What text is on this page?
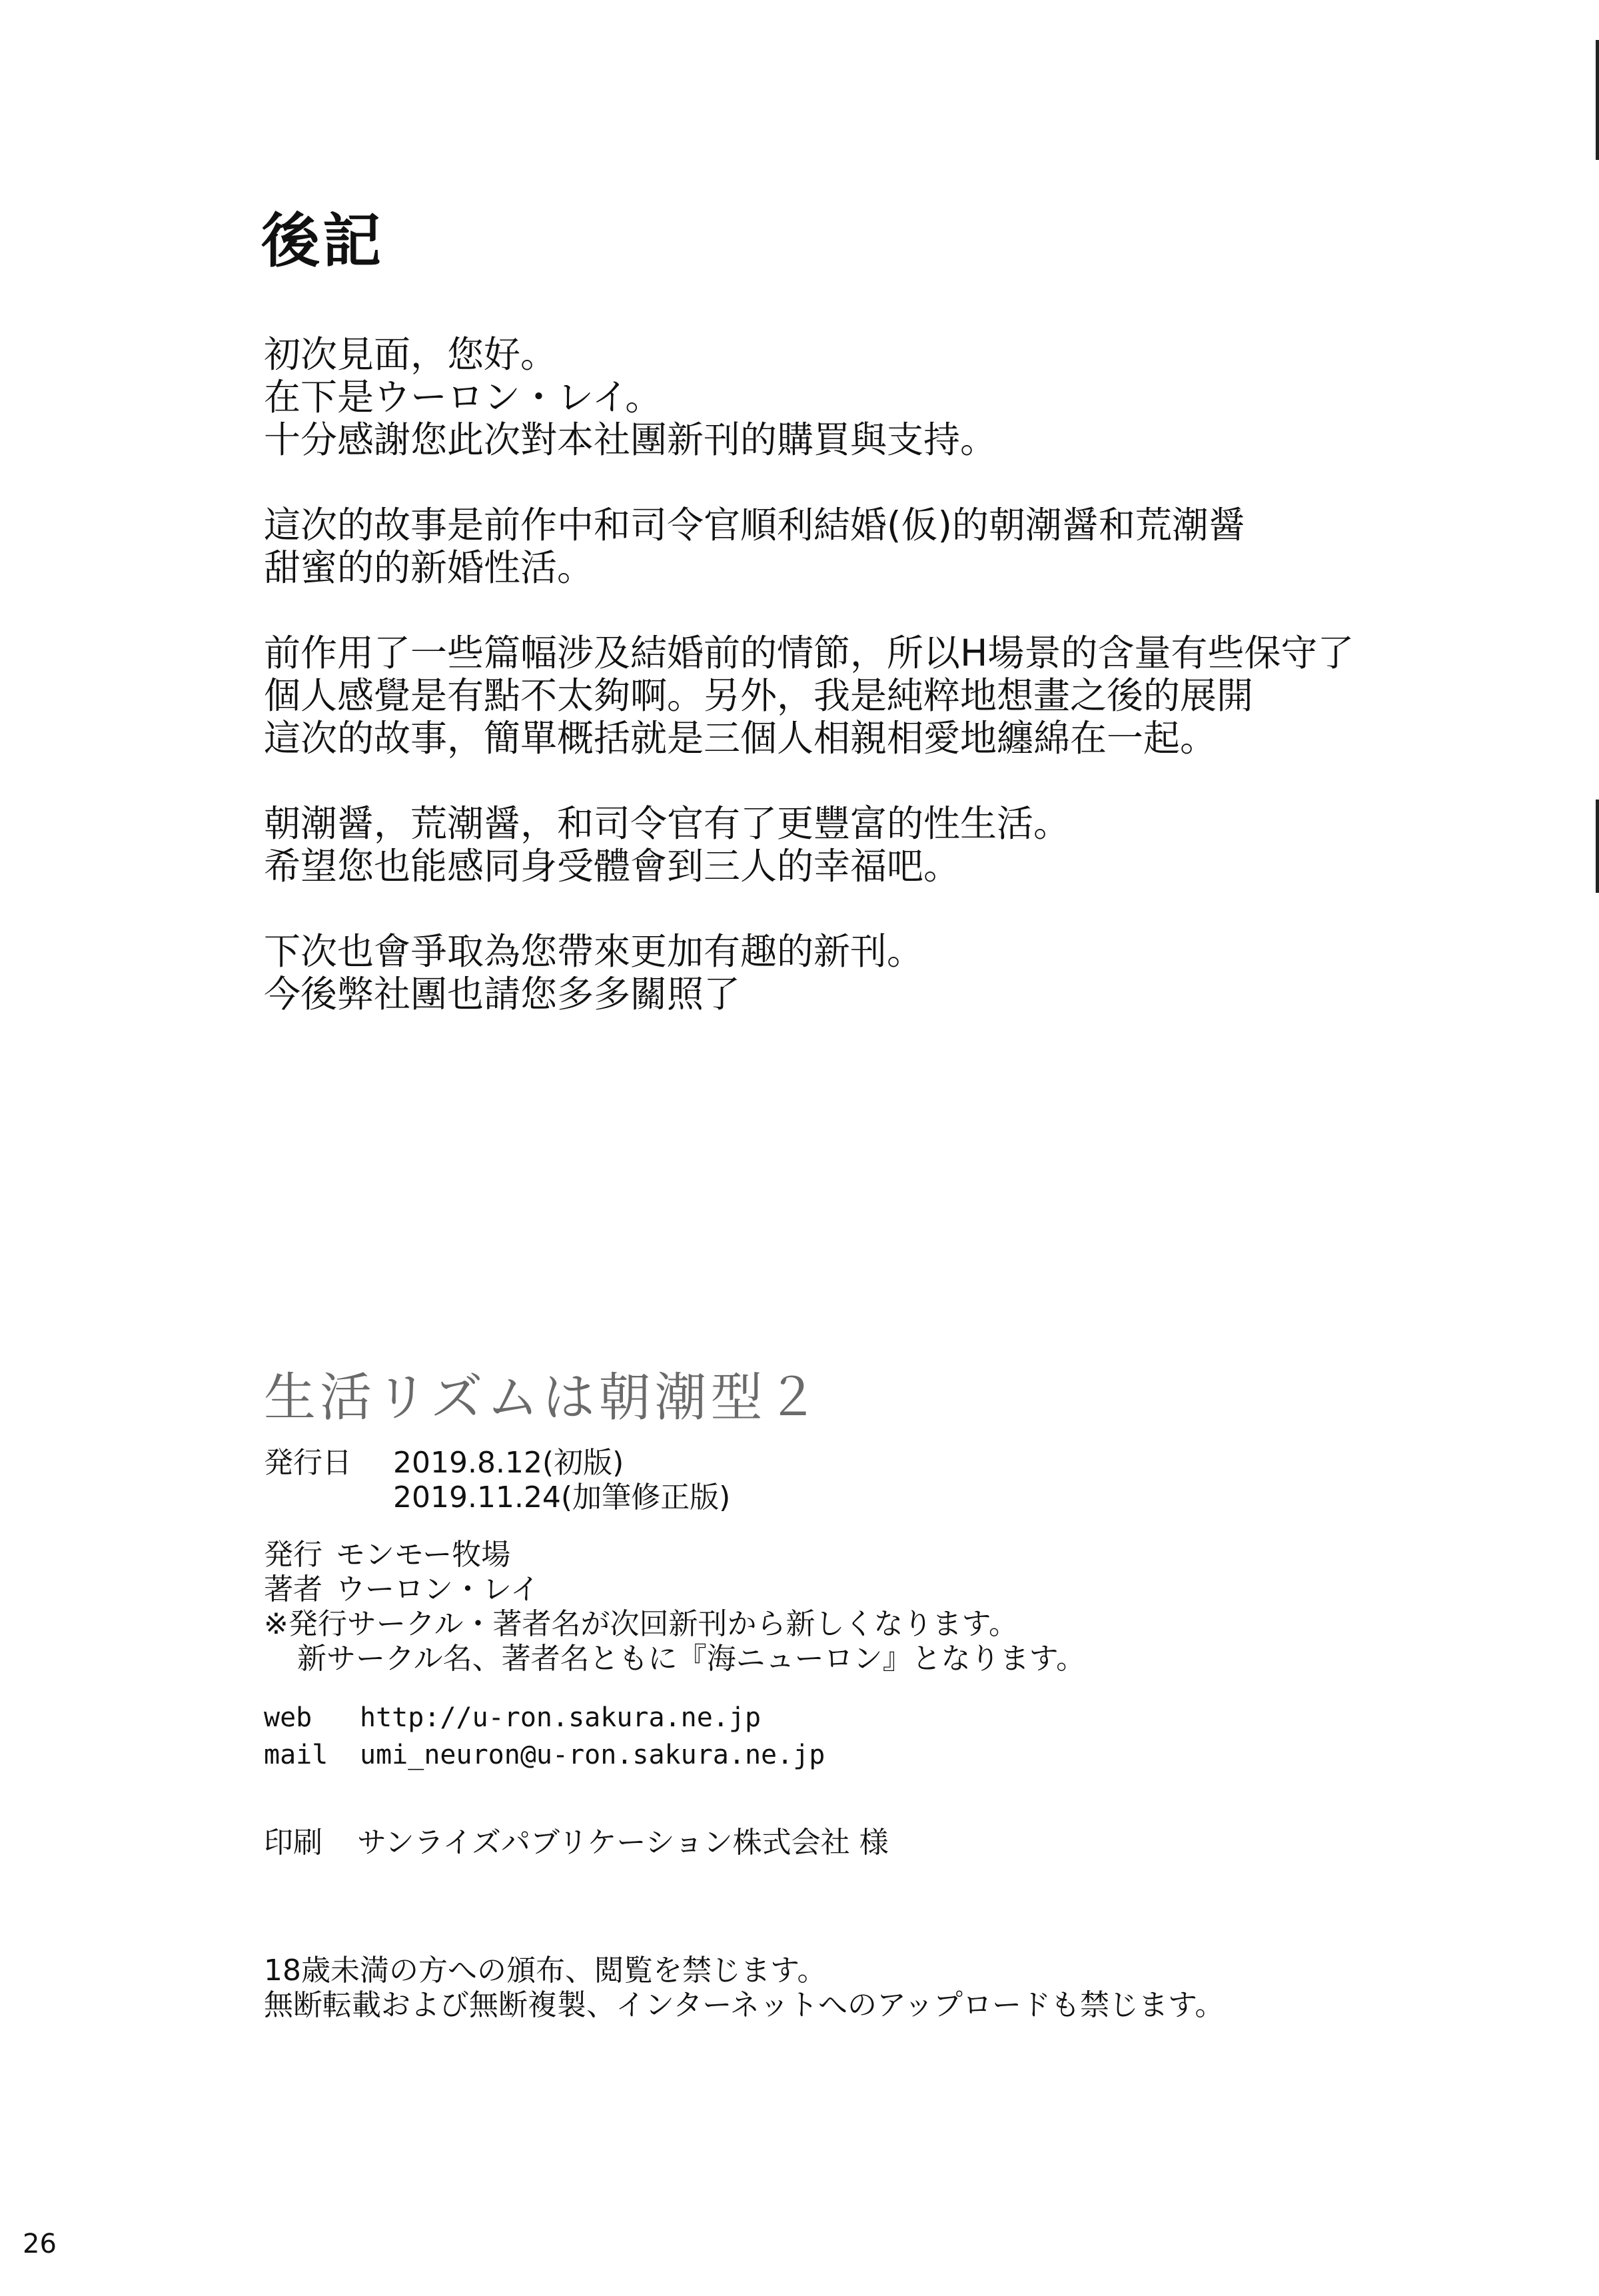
後記
初次見面，您好。
在下是ウーロン・レイ。
十分感謝您此次對本社團新刊的購買與支持。
這次的故事是前作中和司令官順利結婚(仮)的朝潮醤和荒潮醤
甜蜜的的新婚性活。
前作用了一些篇幅涉及結婚前的情節，所以H場景的含量有些保守了
個人感覺是有點不太夠啊。另外，我是純粹地想畫之後的展開
這次的故事，簡單概括就是三個人相親相愛地纏綿在一起。
朝潮醤，荒潮醤，和司令官有了更豐富的性生活。
希望您也能感同身受體會到三人的幸福吧。
下次也會爭取為您帶來更加有趣的新刊。
今後弊社團也請您多多關照了
生活リズムは朝潮型２
発行日	2019.8.12(初版)
2019.11.24(加筆修正版)
発行 モンモー牧場
著者 ウーロン・レイ
※発行サークル・著者名が次回新刊から新しくなります。
新サークル名、著者名ともに『海ニューロン』となります。
web	http://u-ron.sakura.ne.jp
mail	umi_neuron@u-ron.sakura.ne.jp
印刷	サンライズパブリケーション株式会社 様
18歳未満の方への頒布、閲覧を禁じます。
無断転載および無断複製、インターネットへのアップロードも禁じます。
26
